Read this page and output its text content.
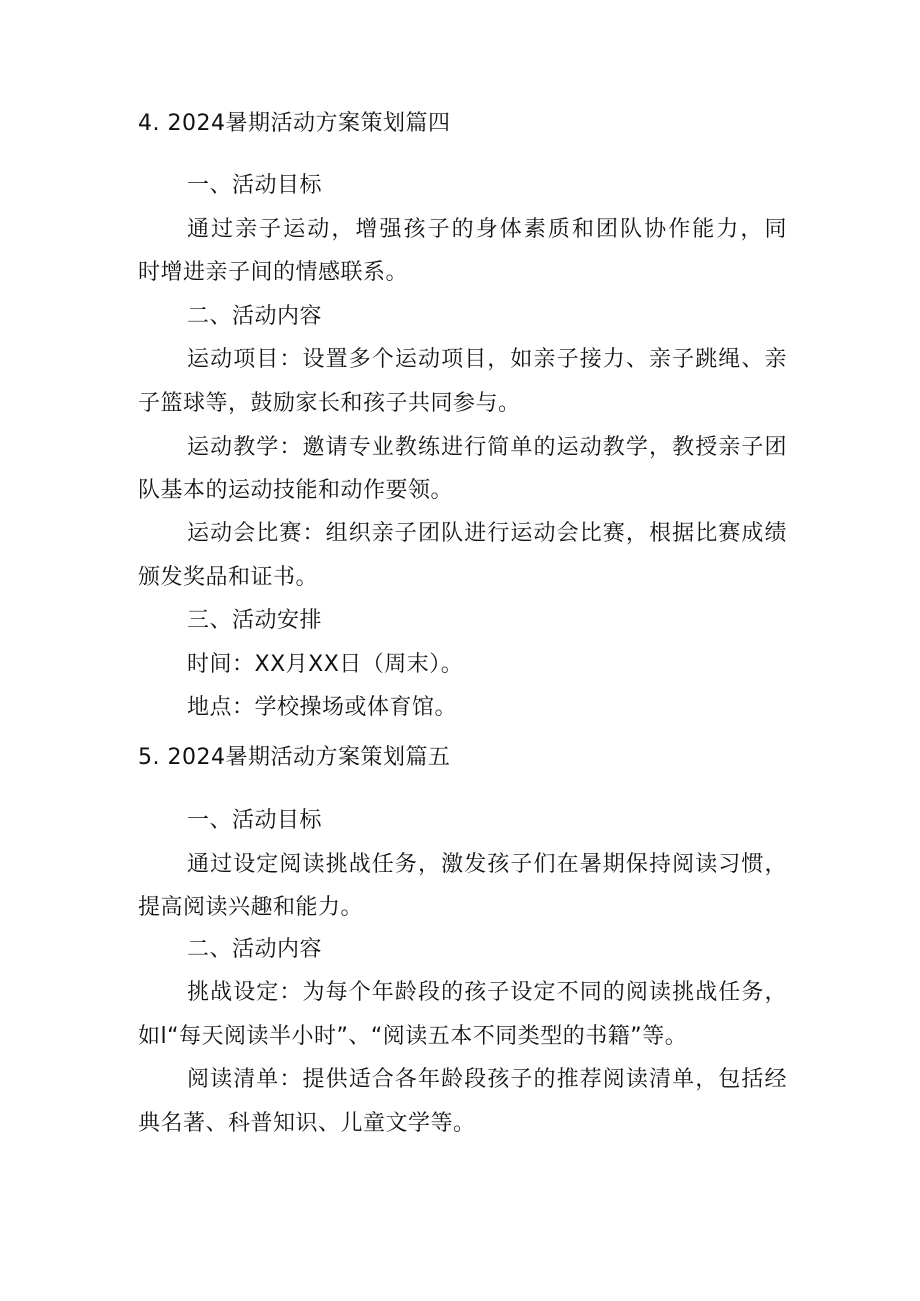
4. 2024暑期活动方案策划篇四
一、活动目标
通过亲子运动，增强孩子的身体素质和团队协作能力，同
时增进亲子间的情感联系。
二、活动内容
运动项目：设置多个运动项目，如亲子接力、亲子跳绳、亲
子篮球等，鼓励家长和孩子共同参与。
运动教学：邀请专业教练进行简单的运动教学，教授亲子团
队基本的运动技能和动作要领。
运动会比赛：组织亲子团队进行运动会比赛，根据比赛成绩
颁发奖品和证书。
三、活动安排
时间：XX月XX日（周末）。
地点：学校操场或体育馆。
5. 2024暑期活动方案策划篇五
一、活动目标
通过设定阅读挑战任务，激发孩子们在暑期保持阅读习惯，
提高阅读兴趣和能力。
二、活动内容
挑战设定：为每个年龄段的孩子设定不同的阅读挑战任务，
如l“每天阅读半小时”、“阅读五本不同类型的书籍”等。
阅读清单：提供适合各年龄段孩子的推荐阅读清单，包括经
典名著、科普知识、儿童文学等。
